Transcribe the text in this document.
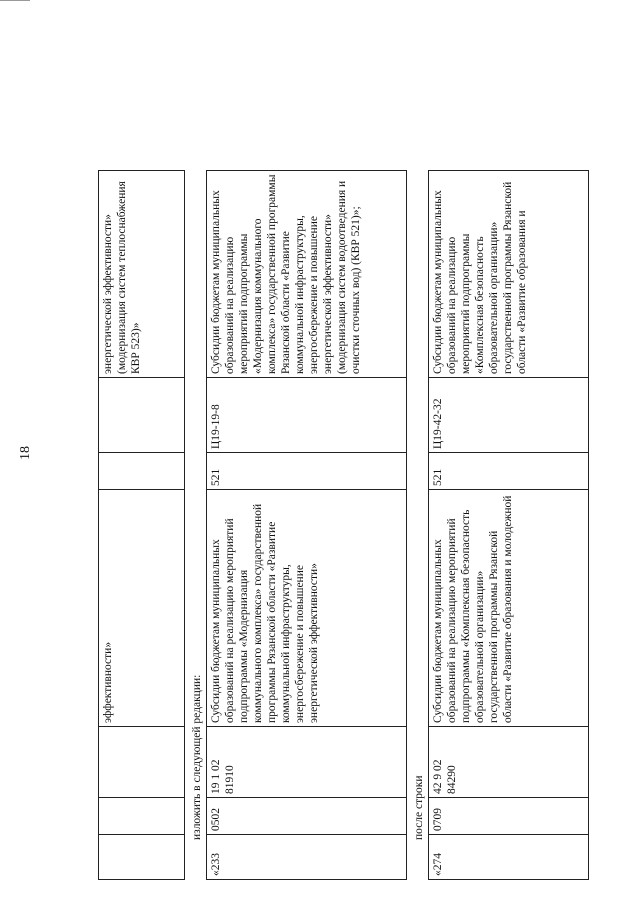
18
			эффективности»			энергетической эффективности» (модернизация систем теплоснабжения КВР 523)»
изложить в следующей редакции:
«233	0502	19 1 02 81910	Субсидии бюджетам муниципальных образований на реализацию мероприятий подпрограммы «Модернизация коммунального комплекса» государственной программы Рязанской области «Развитие коммунальной инфраструктуры, энергосбережение и повышение энергетической эффективности»	521	Ц19-19-8	Субсидии бюджетам муниципальных образований на реализацию мероприятий подпрограммы «Модернизация коммунального комплекса» государственной программы Рязанской области «Развитие коммунальной инфраструктуры, энергосбережение и повышение энергетической эффективности» (модернизация систем водоотведения и очистки сточных вод) (КВР 521)»;
после строки
«274	0709	42 9 02 84290	Субсидии бюджетам муниципальных образований на реализацию мероприятий подпрограммы «Комплексная безопасность образовательной организации» государственной программы Рязанской области «Развитие образования и молодежной	521	Ц19-42-32	Субсидии бюджетам муниципальных образований на реализацию мероприятий подпрограммы «Комплексная безопасность образовательной организации» государственной программы Рязанской области «Развитие образования и
